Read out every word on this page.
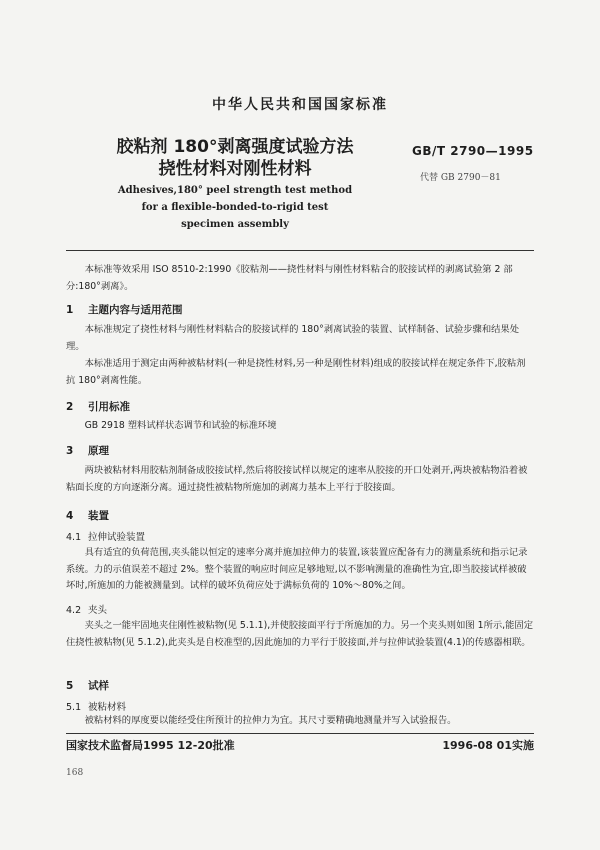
中华人民共和国国家标准
胶粘剂 180°剥离强度试验方法
挠性材料对刚性材料
GB/T 2790—1995
代替 GB 2790－81
Adhesives,180° peel strength test method
for a flexible-bonded-to-rigid test
specimen assembly
本标准等效采用 ISO 8510-2:1990《胶粘剂——挠性材料与刚性材料粘合的胶接试样的剥离试验第 2 部分:180°剥离》。
1 主题内容与适用范围
本标准规定了挠性材料与刚性材料粘合的胶接试样的 180°剥离试验的装置、试样制备、试验步骤和结果处理。
本标准适用于测定由两种被粘材料(一种是挠性材料,另一种是刚性材料)组成的胶接试样在规定条件下,胶粘剂抗 180°剥离性能。
2 引用标准
GB 2918 塑料试样状态调节和试验的标准环境
3 原理
两块被粘材料用胶粘剂制备成胶接试样,然后将胶接试样以规定的速率从胶接的开口处剥开,两块被粘物沿着被粘面长度的方向逐渐分离。通过挠性被粘物所施加的剥离力基本上平行于胶接面。
4 装置
4.1 拉伸试验装置
具有适宜的负荷范围,夹头能以恒定的速率分离并施加拉伸力的装置,该装置应配备有力的测量系统和指示记录系统。力的示值误差不超过 2%。整个装置的响应时间应足够地短,以不影响测量的准确性为宜,即当胶接试样被破坏时,所施加的力能被测量到。试样的破坏负荷应处于满标负荷的 10%～80%之间。
4.2 夹头
夹头之一能牢固地夹住刚性被粘物(见 5.1.1),并使胶接面平行于所施加的力。另一个夹头则如图 1所示,能固定住挠性被粘物(见 5.1.2),此夹头是自校准型的,因此施加的力平行于胶接面,并与拉伸试验装置(4.1)的传感器相联。
5 试样
5.1 被粘材料
被粘材料的厚度要以能经受住所预计的拉伸力为宜。其尺寸要精确地测量并写入试验报告。
国家技术监督局1995 12-20批准	1996-08 01实施
168
